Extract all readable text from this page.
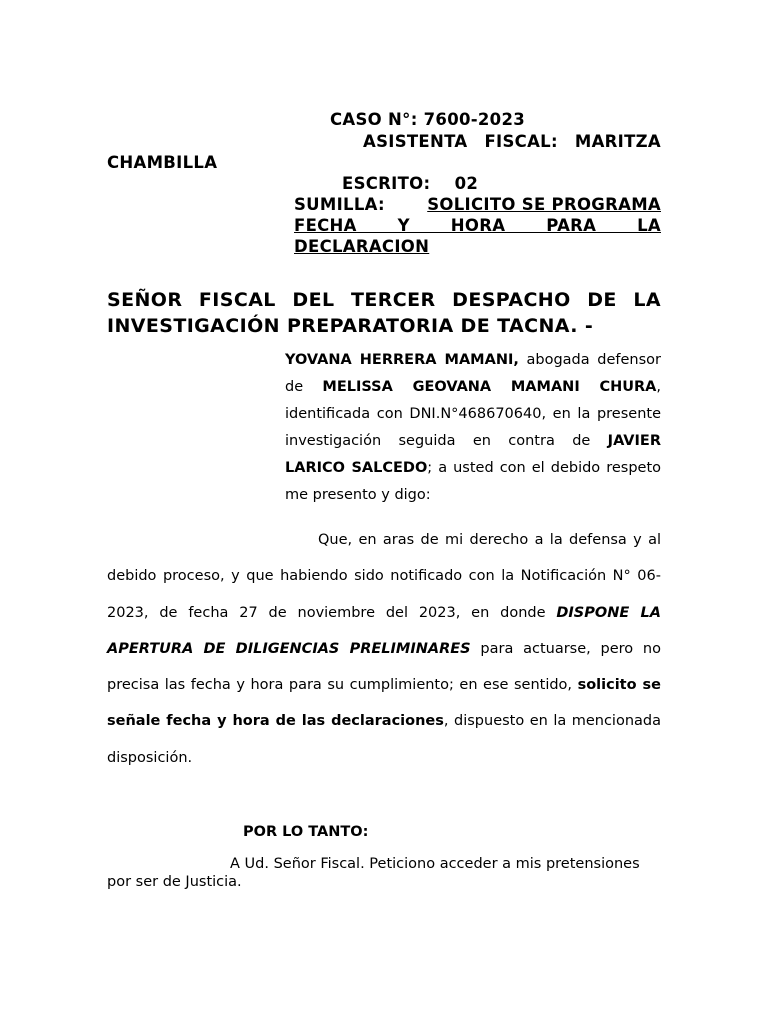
CASO N°: 7600-2023
ASISTENTA FISCAL: MARITZA
CHAMBILLA
ESCRITO:    02
SUMILLA:	SOLICITO SE PROGRAMA
FECHA Y HORA PARA LA
DECLARACION
SEÑOR FISCAL DEL TERCER DESPACHO DE LA
INVESTIGACIÓN PREPARATORIA DE TACNA. -
YOVANA HERRERA MAMANI, abogada defensor de MELISSA GEOVANA MAMANI CHURA, identificada con DNI.N°468670640, en la presente investigación seguida en contra de JAVIER LARICO SALCEDO; a usted con el debido respeto me presento y digo:
Que, en aras de mi derecho a la defensa y al debido proceso, y que habiendo sido notificado con la Notificación N° 06-2023, de fecha 27 de noviembre del 2023, en donde DISPONE LA APERTURA DE DILIGENCIAS PRELIMINARES para actuarse, pero no precisa las fecha y hora para su cumplimiento; en ese sentido, solicito se señale fecha y hora de las declaraciones, dispuesto en la mencionada disposición.
POR LO TANTO:
A Ud. Señor Fiscal. Peticiono acceder a mis pretensiones por ser de Justicia.
